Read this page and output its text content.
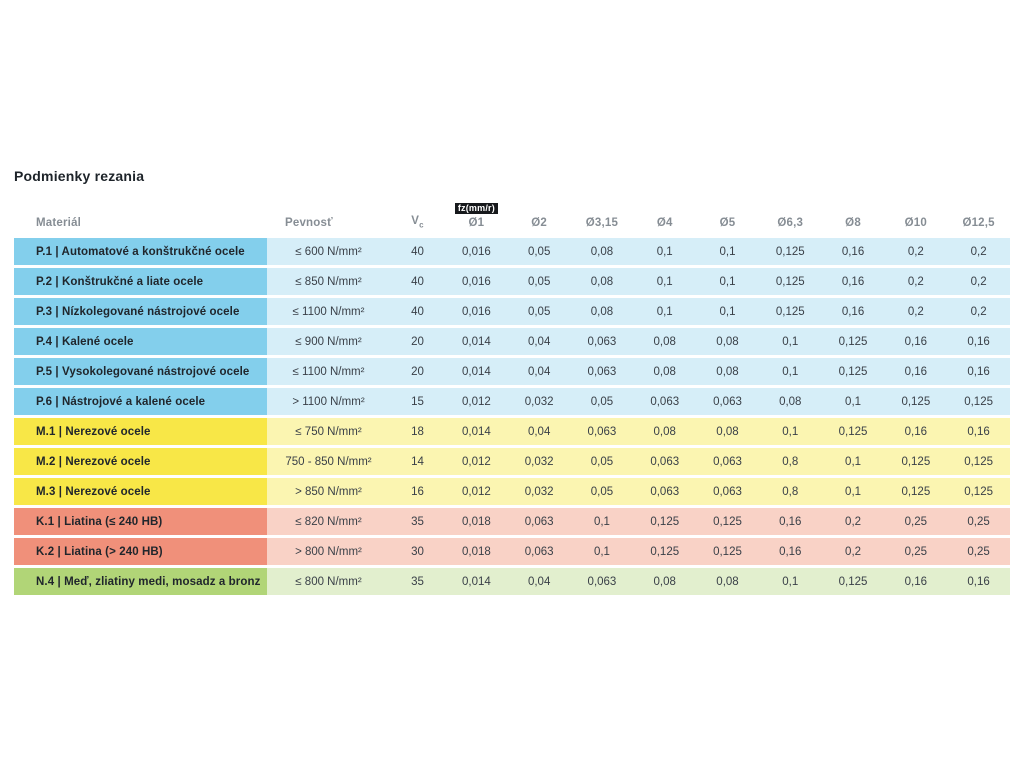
Podmienky rezania
Materiál	Pevnosť	$V_c$
fz(mm/r)
Ø1	Ø2	Ø3,15	Ø4	Ø5	Ø6,3	Ø8	Ø10	Ø12,5
P.1 | Automatové a konštrukčné ocele	≤ 600 N/mm²	40	0,016	0,05	0,08	0,1	0,1	0,125	0,16	0,2	0,2
P.2 | Konštrukčné a liate ocele	≤ 850 N/mm²	40	0,016	0,05	0,08	0,1	0,1	0,125	0,16	0,2	0,2
P.3 | Nízkolegované nástrojové ocele	≤ 1100 N/mm²	40	0,016	0,05	0,08	0,1	0,1	0,125	0,16	0,2	0,2
P.4 | Kalené ocele	≤ 900 N/mm²	20	0,014	0,04	0,063	0,08	0,08	0,1	0,125	0,16	0,16
P.5 | Vysokolegované nástrojové ocele	≤ 1100 N/mm²	20	0,014	0,04	0,063	0,08	0,08	0,1	0,125	0,16	0,16
P.6 | Nástrojové a kalené ocele	> 1100 N/mm²	15	0,012	0,032	0,05	0,063	0,063	0,08	0,1	0,125	0,125
M.1 | Nerezové ocele	≤ 750 N/mm²	18	0,014	0,04	0,063	0,08	0,08	0,1	0,125	0,16	0,16
M.2 | Nerezové ocele	750 - 850 N/mm²	14	0,012	0,032	0,05	0,063	0,063	0,8	0,1	0,125	0,125
M.3 | Nerezové ocele	> 850 N/mm²	16	0,012	0,032	0,05	0,063	0,063	0,8	0,1	0,125	0,125
K.1 | Liatina (≤ 240 HB)	≤ 820 N/mm²	35	0,018	0,063	0,1	0,125	0,125	0,16	0,2	0,25	0,25
K.2 | Liatina (> 240 HB)	> 800 N/mm²	30	0,018	0,063	0,1	0,125	0,125	0,16	0,2	0,25	0,25
N.4 | Meď, zliatiny medi, mosadz a bronz	≤ 800 N/mm²	35	0,014	0,04	0,063	0,08	0,08	0,1	0,125	0,16	0,16
